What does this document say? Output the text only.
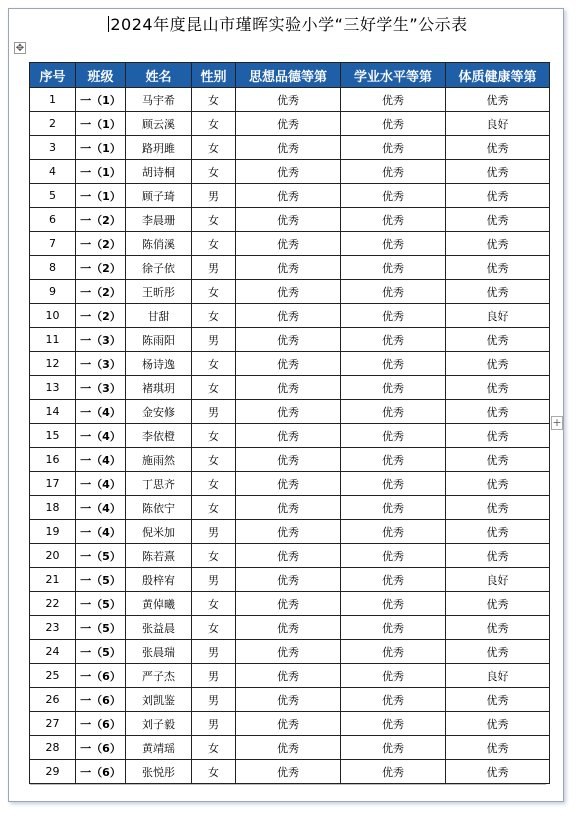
2024年度昆山市瑾晖实验小学“三好学生”公示表
✥
+
序号	班级	姓名	性别	思想品德等第	学业水平等第	体质健康等第
1	一（1）	马宇希	女	优秀	优秀	优秀
2	一（1）	顾云溪	女	优秀	优秀	良好
3	一（1）	路玥雎	女	优秀	优秀	优秀
4	一（1）	胡诗桐	女	优秀	优秀	优秀
5	一（1）	顾子琦	男	优秀	优秀	优秀
6	一（2）	李晨珊	女	优秀	优秀	优秀
7	一（2）	陈俏溪	女	优秀	优秀	优秀
8	一（2）	徐子依	男	优秀	优秀	优秀
9	一（2）	王昕彤	女	优秀	优秀	优秀
10	一（2）	甘甜	女	优秀	优秀	良好
11	一（3）	陈雨阳	男	优秀	优秀	优秀
12	一（3）	杨诗逸	女	优秀	优秀	优秀
13	一（3）	褚琪玥	女	优秀	优秀	优秀
14	一（4）	金安修	男	优秀	优秀	优秀
15	一（4）	李依橙	女	优秀	优秀	优秀
16	一（4）	施雨然	女	优秀	优秀	优秀
17	一（4）	丁思齐	女	优秀	优秀	优秀
18	一（4）	陈依宁	女	优秀	优秀	优秀
19	一（4）	倪米加	男	优秀	优秀	优秀
20	一（5）	陈若熹	女	优秀	优秀	优秀
21	一（5）	殷梓宥	男	优秀	优秀	良好
22	一（5）	黄倬曦	女	优秀	优秀	优秀
23	一（5）	张益晨	女	优秀	优秀	优秀
24	一（5）	张晨瑞	男	优秀	优秀	优秀
25	一（6）	严子杰	男	优秀	优秀	良好
26	一（6）	刘凯鉴	男	优秀	优秀	优秀
27	一（6）	刘子毅	男	优秀	优秀	优秀
28	一（6）	黄靖瑶	女	优秀	优秀	优秀
29	一（6）	张悦彤	女	优秀	优秀	优秀
